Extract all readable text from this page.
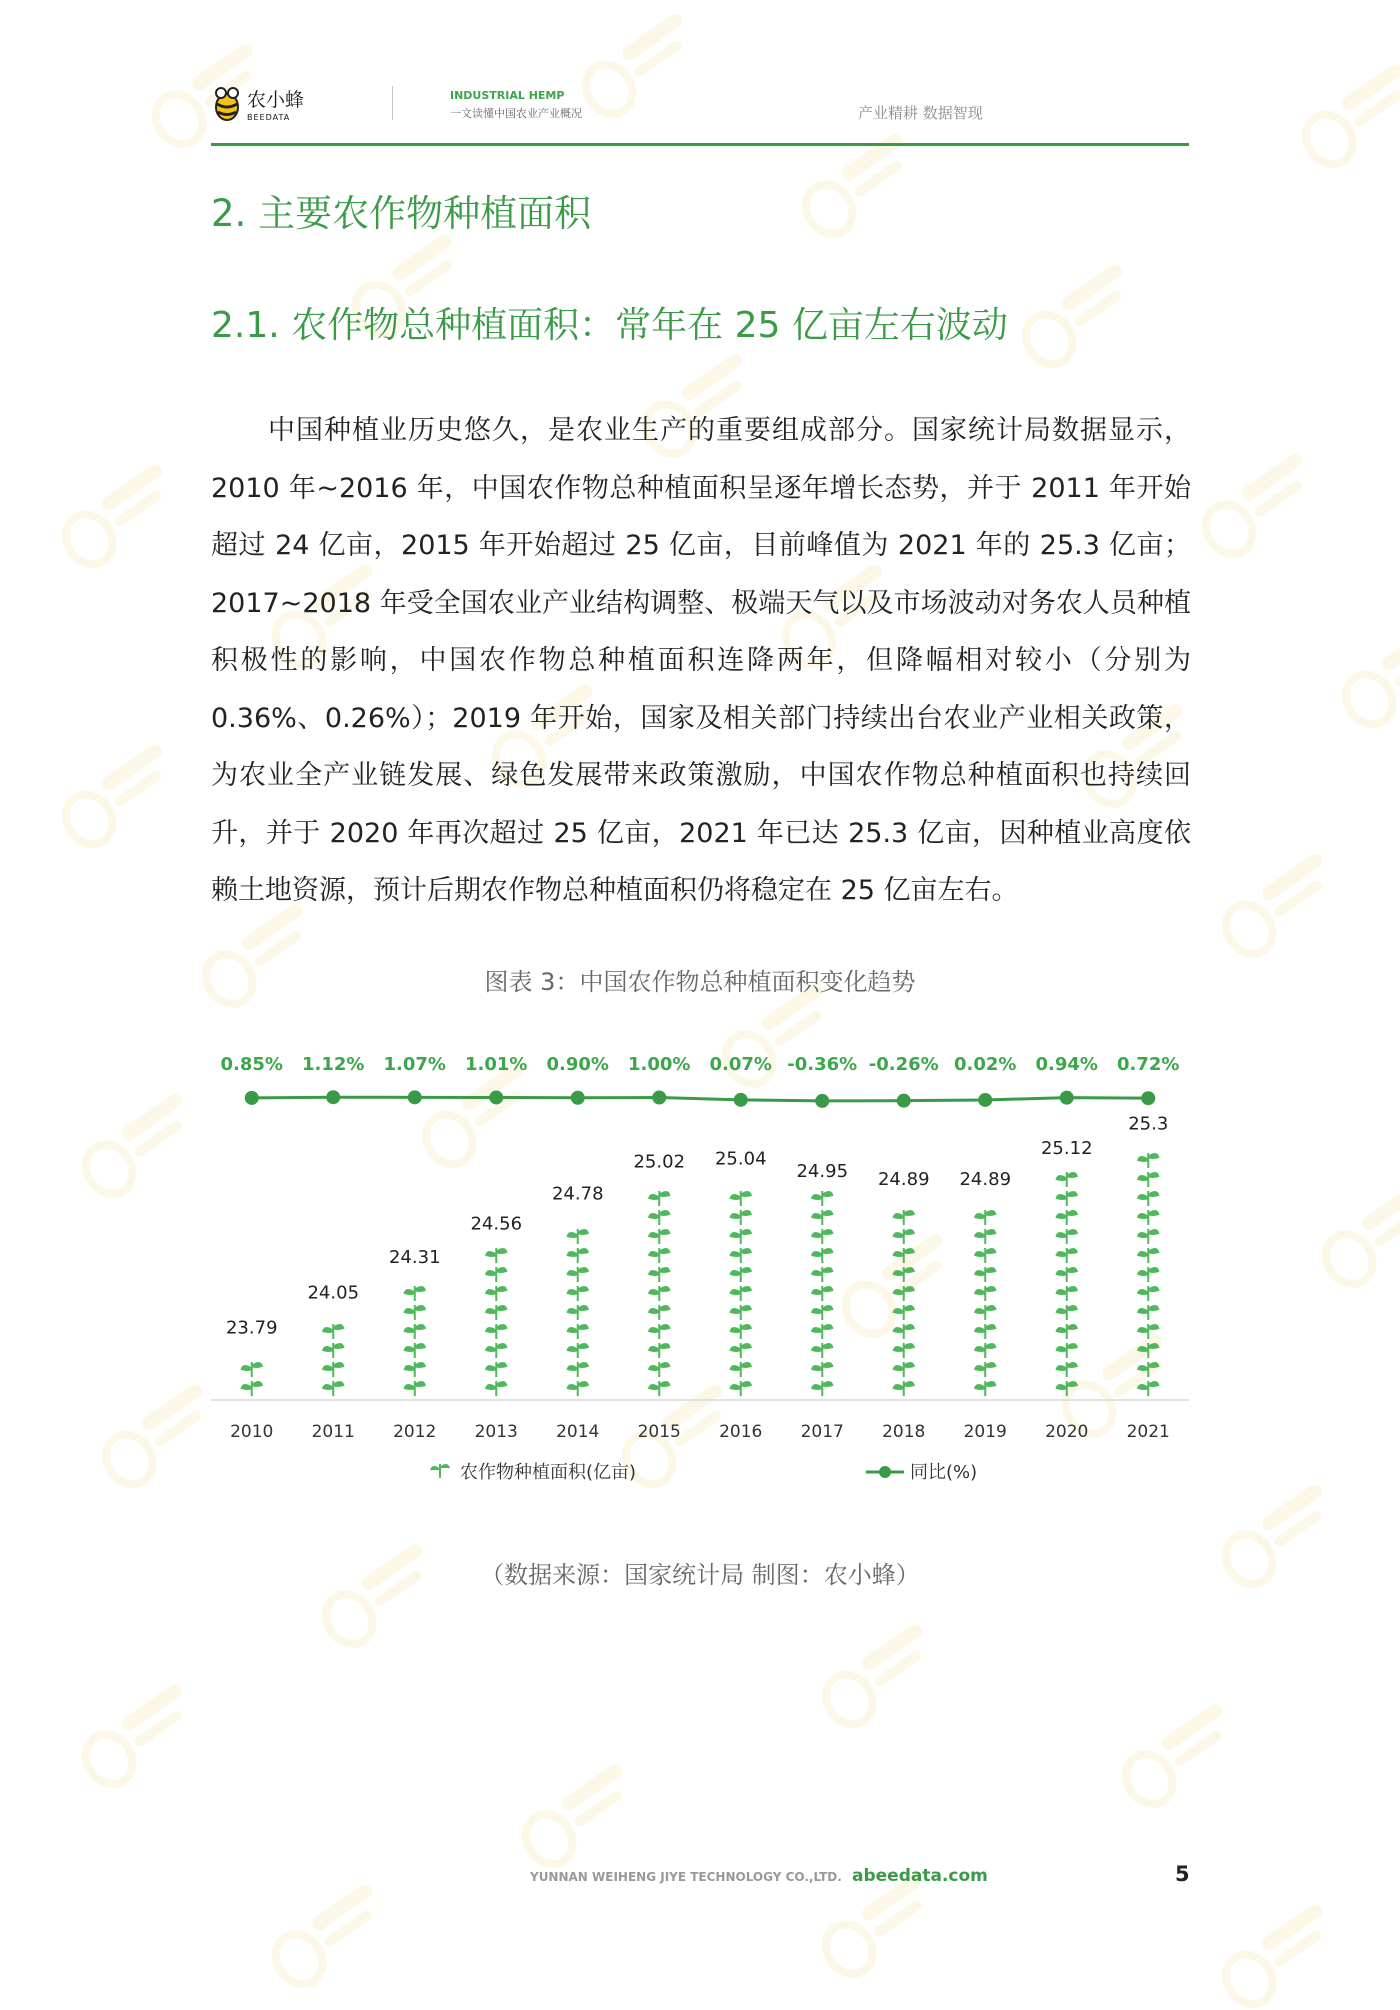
农小蜂
BEEDATA
INDUSTRIAL HEMP
一文读懂中国农业产业概况	产业精耕 数据智现
2. 主要农作物种植面积
2.1. 农作物总种植面积：常年在 25 亿亩左右波动
中国种植业历史悠久，是农业生产的重要组成部分。国家统计局数据显示，2010 年~2016 年，中国农作物总种植面积呈逐年增长态势，并于 2011 年开始超过 24 亿亩，2015 年开始超过 25 亿亩，目前峰值为 2021 年的 25.3 亿亩；2017~2018 年受全国农业产业结构调整、极端天气以及市场波动对务农人员种植积极性的影响，中国农作物总种植面积连降两年，但降幅相对较小（分别为 0.36%、0.26%）；2019 年开始，国家及相关部门持续出台农业产业相关政策，为农业全产业链发展、绿色发展带来政策激励，中国农作物总种植面积也持续回升，并于 2020 年再次超过 25 亿亩，2021 年已达 25.3 亿亩，因种植业高度依赖土地资源，预计后期农作物总种植面积仍将稳定在 25 亿亩左右。
图表 3：中国农作物总种植面积变化趋势
23.79
2010
24.05
2011
24.31
2012
24.56
2013
24.78
2014
25.02
2015
25.04
2016
24.95
2017
24.89
2018
24.89
2019
25.12
2020
25.3
2021
0.85% 1.12% 1.07% 1.01% 0.90% 1.00% 0.07% -0.36% -0.26% 0.02% 0.94% 0.72%
农作物种植面积(亿亩)	同比(%)
（数据来源：国家统计局 制图：农小蜂）
YUNNAN WEIHENG JIYE TECHNOLOGY CO.,LTD. abeedata.com	5
